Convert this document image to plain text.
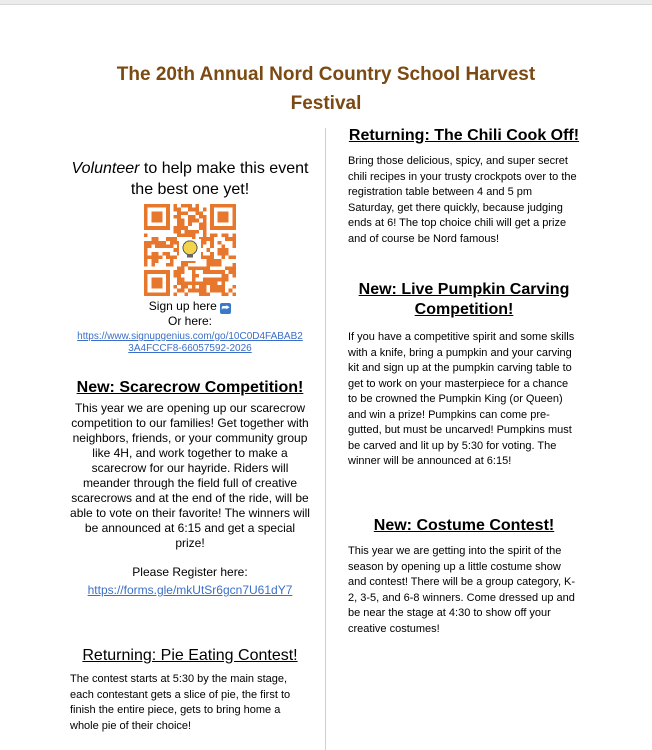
The 20th Annual Nord Country School Harvest Festival

Volunteer to help make this event the best one yet!

Sign up here ⮫
Or here:
https://www.signupgenius.com/go/10C0D4FABAB23A4FCCF8-66057592-2026
New: Scarecrow Competition!

This year we are opening up our scarecrow competition to our families! Get together with neighbors, friends, or your community group like 4H, and work together to make a scarecrow for our hayride. Riders will meander through the field full of creative scarecrows and at the end of the ride, will be able to vote on their favorite! The winners will be announced at 6:15 and get a special prize!

Please Register here:

https://forms.gle/mkUtSr6gcn7U61dY7

Returning: Pie Eating Contest!

The contest starts at 5:30 by the main stage, each contestant gets a slice of pie, the first to finish the entire piece, gets to bring home a whole pie of their choice!

Returning: The Chili Cook Off!

Bring those delicious, spicy, and super secret chili recipes in your trusty crockpots over to the registration table between 4 and 5 pm Saturday, get there quickly, because judging ends at 6! The top choice chili will get a prize and of course be Nord famous!

New: Live Pumpkin Carving Competition!

If you have a competitive spirit and some skills with a knife, bring a pumpkin and your carving kit and sign up at the pumpkin carving table to get to work on your masterpiece for a chance to be crowned the Pumpkin King (or Queen) and win a prize! Pumpkins can come pre-gutted, but must be uncarved! Pumpkins must be carved and lit up by 5:30 for voting. The winner will be announced at 6:15!

New: Costume Contest!

This year we are getting into the spirit of the season by opening up a little costume show and contest! There will be a group category, K-2, 3-5, and 6-8 winners. Come dressed up and be near the stage at 4:30 to show off your creative costumes!
